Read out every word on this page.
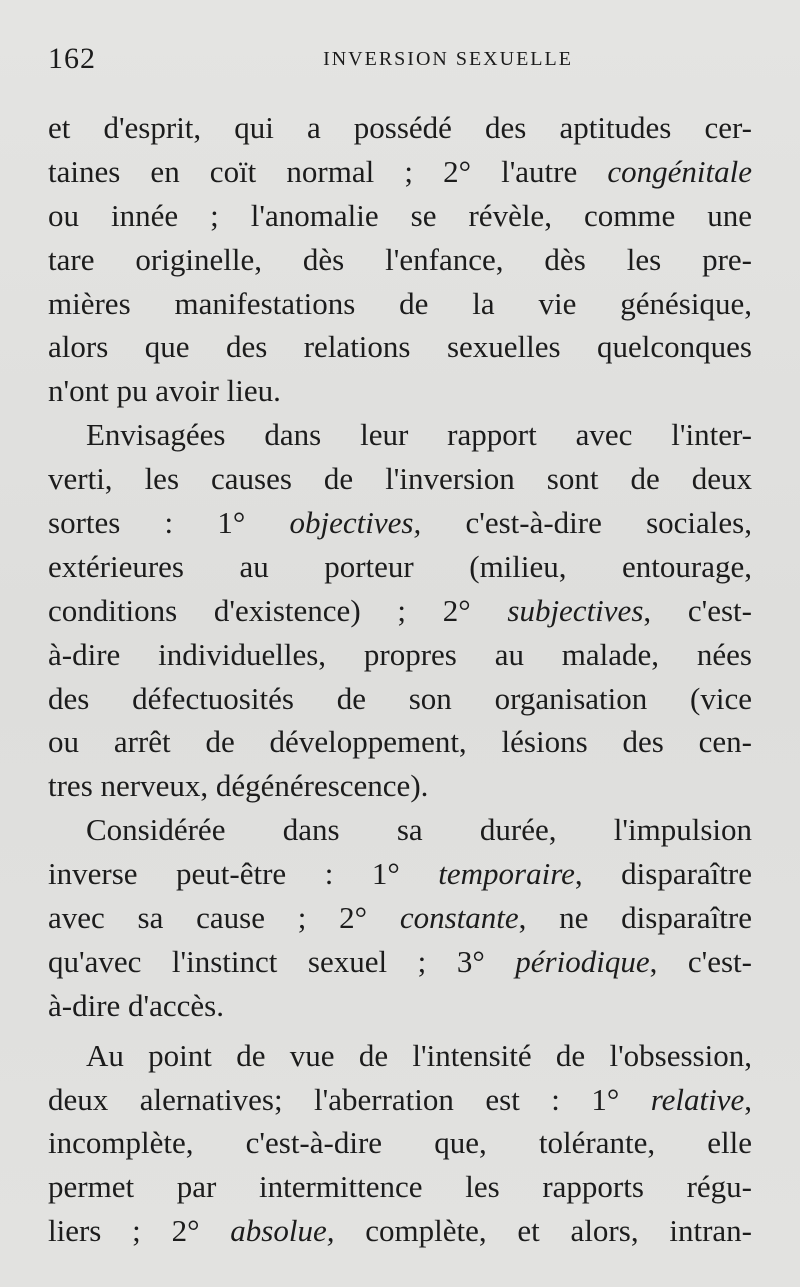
162	INVERSION SEXUELLE
et d'esprit, qui a possédé des aptitudes cer-
taines en coït normal ; 2° l'autre congénitale
ou innée ; l'anomalie se révèle, comme une
tare originelle, dès l'enfance, dès les pre-
mières manifestations de la vie génésique,
alors que des relations sexuelles quelconques
n'ont pu avoir lieu.
Envisagées dans leur rapport avec l'inter-
verti, les causes de l'inversion sont de deux
sortes : 1° objectives, c'est-à-dire sociales,
extérieures au porteur (milieu, entourage,
conditions d'existence) ; 2° subjectives, c'est-
à-dire individuelles, propres au malade, nées
des défectuosités de son organisation (vice
ou arrêt de développement, lésions des cen-
tres nerveux, dégénérescence).
Considérée dans sa durée, l'impulsion
inverse peut-être : 1° temporaire, disparaître
avec sa cause ; 2° constante, ne disparaître
qu'avec l'instinct sexuel ; 3° périodique, c'est-
à-dire d'accès.
Au point de vue de l'intensité de l'obsession,
deux alernatives; l'aberration est : 1° relative,
incomplète, c'est-à-dire que, tolérante, elle
permet par intermittence les rapports régu-
liers ; 2° absolue, complète, et alors, intran-
